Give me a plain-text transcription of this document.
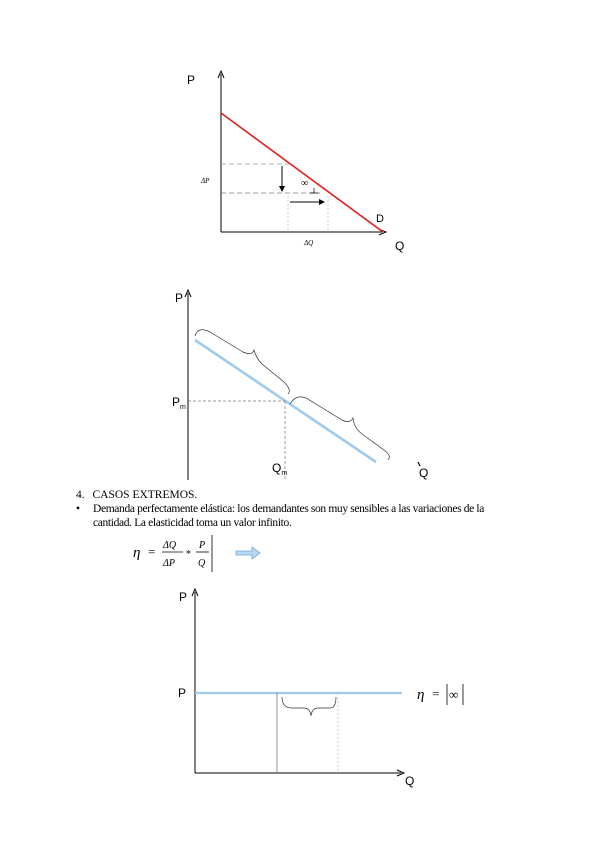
P
Q
ΔP
ΔQ
∞
D
P
Q
$P_m$
$Q_m$
η = ΔQ
ΔP
*
P
Q
P
Q
P	η = ∞
4. CASOS EXTREMOS.
• Demanda perfectamente elástica: los demandantes son muy sensibles a las variaciones de la
cantidad. La elasticidad toma un valor infinito.
